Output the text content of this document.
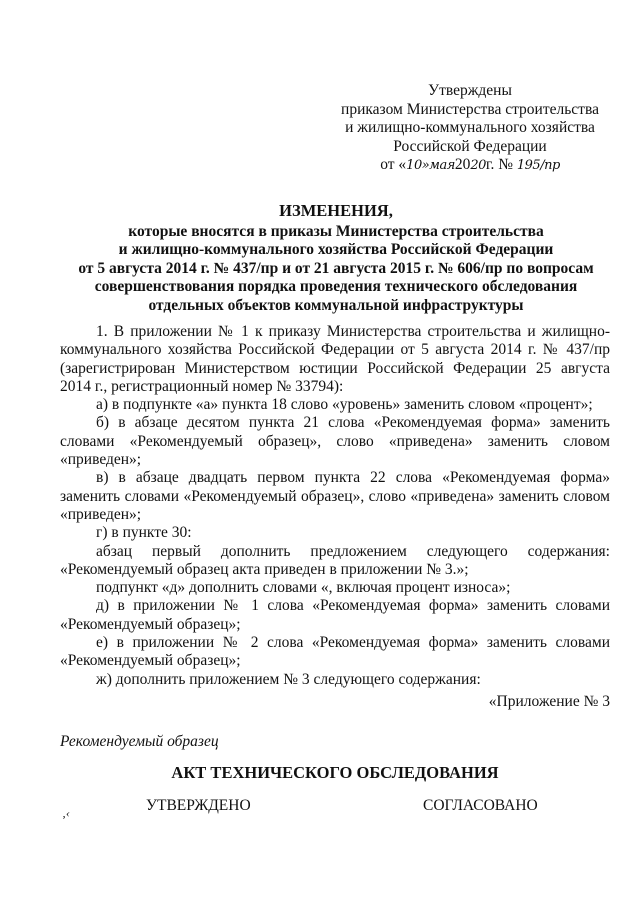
Утверждены
приказом Министерства строительства
и жилищно-коммунального хозяйства
Российской Федерации
от «10»мая2020г. № 195/пр
ИЗМЕНЕНИЯ,
которые вносятся в приказы Министерства строительства
и жилищно-коммунального хозяйства Российской Федерации
от 5 августа 2014 г. № 437/пр и от 21 августа 2015 г. № 606/пр по вопросам
совершенствования порядка проведения технического обследования
отдельных объектов коммунальной инфраструктуры

1. В приложении № 1 к приказу Министерства строительства и жилищно-коммунального хозяйства Российской Федерации от 5 августа 2014 г. № 437/пр (зарегистрирован Министерством юстиции Российской Федерации 25 августа 2014 г., регистрационный номер № 33794):

а) в подпункте «а» пункта 18 слово «уровень» заменить словом «процент»;

б) в абзаце десятом пункта 21 слова «Рекомендуемая форма» заменить словами «Рекомендуемый образец», слово «приведена» заменить словом «приведен»;

в) в абзаце двадцать первом пункта 22 слова «Рекомендуемая форма» заменить словами «Рекомендуемый образец», слово «приведена» заменить словом «приведен»;

г) в пункте 30:

абзац первый дополнить предложением следующего содержания:

«Рекомендуемый образец акта приведен в приложении № 3.»;

подпункт «д» дополнить словами «, включая процент износа»;

д) в приложении № 1 слова «Рекомендуемая форма» заменить словами «Рекомендуемый образец»;

е) в приложении № 2 слова «Рекомендуемая форма» заменить словами «Рекомендуемый образец»;

ж) дополнить приложением № 3 следующего содержания:

«Приложение № 3
Рекомендуемый образец
АКТ ТЕХНИЧЕСКОГО ОБСЛЕДОВАНИЯ
‚‹	УТВЕРЖДЕНО	СОГЛАСОВАНО
